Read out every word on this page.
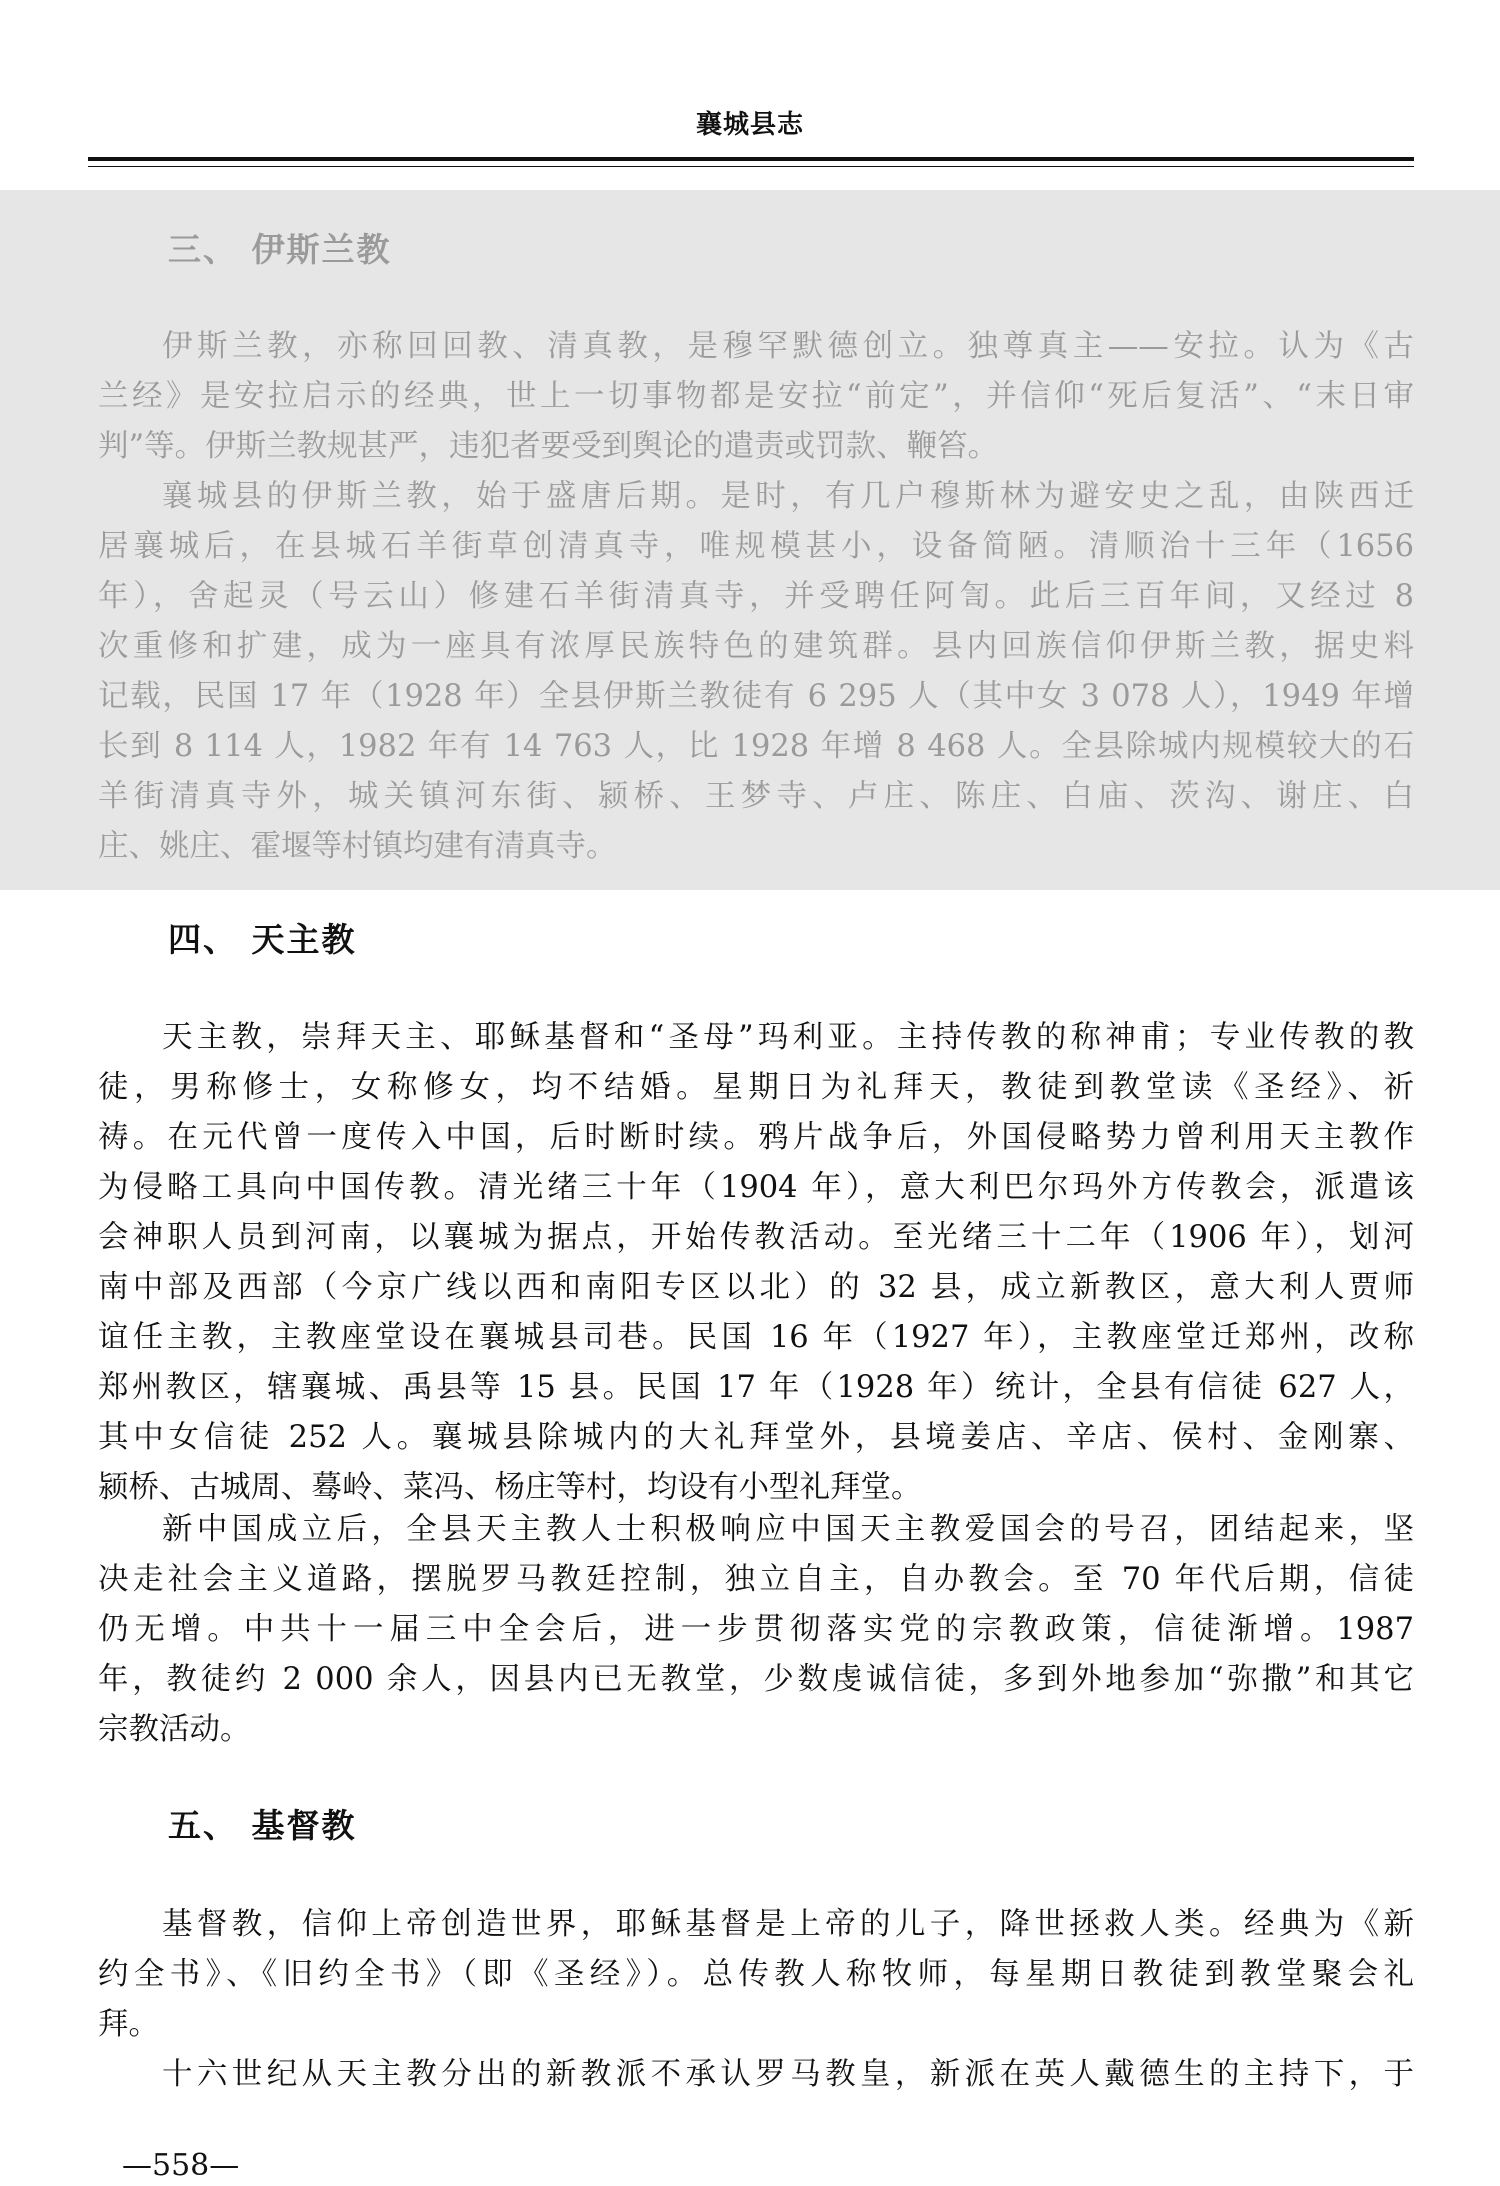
襄城县志
三、 伊斯兰教
伊斯兰教，亦称回回教、清真教，是穆罕默德创立。独尊真主——安拉。认为《古
兰经》是安拉启示的经典，世上一切事物都是安拉“前定”，并信仰“死后复活”、“末日审
判”等。伊斯兰教规甚严，违犯者要受到舆论的遣责或罚款、鞭笞。
襄城县的伊斯兰教，始于盛唐后期。是时，有几户穆斯林为避安史之乱，由陕西迁
居襄城后，在县城石羊街草创清真寺，唯规模甚小，设备简陋。清顺治十三年（1656
年），舍起灵（号云山）修建石羊街清真寺，并受聘任阿訇。此后三百年间，又经过 8
次重修和扩建，成为一座具有浓厚民族特色的建筑群。县内回族信仰伊斯兰教，据史料
记载，民国 17 年（1928 年）全县伊斯兰教徒有 6 295 人（其中女 3 078 人），1949 年增
长到 8 114 人，1982 年有 14 763 人，比 1928 年增 8 468 人。全县除城内规模较大的石
羊街清真寺外，城关镇河东街、颍桥、王梦寺、卢庄、陈庄、白庙、茨沟、谢庄、白
庄、姚庄、霍堰等村镇均建有清真寺。
四、 天主教
天主教，崇拜天主、耶稣基督和“圣母”玛利亚。主持传教的称神甫；专业传教的教
徒，男称修士，女称修女，均不结婚。星期日为礼拜天，教徒到教堂读《圣经》、祈
祷。在元代曾一度传入中国，后时断时续。鸦片战争后，外国侵略势力曾利用天主教作
为侵略工具向中国传教。清光绪三十年（1904 年），意大利巴尔玛外方传教会，派遣该
会神职人员到河南，以襄城为据点，开始传教活动。至光绪三十二年（1906 年），划河
南中部及西部（今京广线以西和南阳专区以北）的 32 县，成立新教区，意大利人贾师
谊任主教，主教座堂设在襄城县司巷。民国 16 年（1927 年），主教座堂迁郑州，改称
郑州教区，辖襄城、禹县等 15 县。民国 17 年（1928 年）统计，全县有信徒 627 人，
其中女信徒 252 人。襄城县除城内的大礼拜堂外，县境姜店、辛店、侯村、金刚寨、
颍桥、古城周、蓦岭、菜冯、杨庄等村，均设有小型礼拜堂。
新中国成立后，全县天主教人士积极响应中国天主教爱国会的号召，团结起来，坚
决走社会主义道路，摆脱罗马教廷控制，独立自主，自办教会。至 70 年代后期，信徒
仍无增。中共十一届三中全会后，进一步贯彻落实党的宗教政策，信徒渐增。1987
年，教徒约 2 000 余人，因县内已无教堂，少数虔诚信徒，多到外地参加“弥撒”和其它
宗教活动。
五、 基督教
基督教，信仰上帝创造世界，耶稣基督是上帝的儿子，降世拯救人类。经典为《新
约全书》、《旧约全书》（即《圣经》）。总传教人称牧师，每星期日教徒到教堂聚会礼
拜。
十六世纪从天主教分出的新教派不承认罗马教皇，新派在英人戴德生的主持下，于
—558—
